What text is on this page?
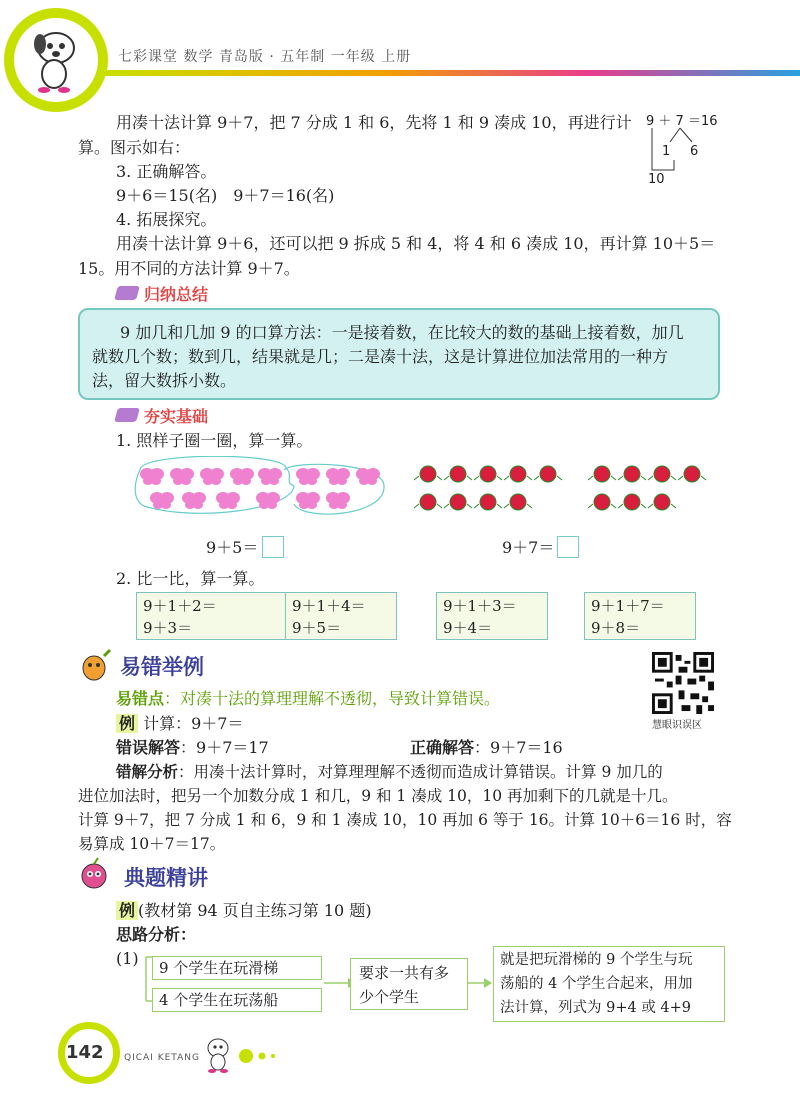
七彩课堂 数学 青岛版 · 五年制 一年级 上册
用凑十法计算 9＋7，把 7 分成 1 和 6，先将 1 和 9 凑成 10，再进行计
算。图示如右：
3. 正确解答。
9＋6＝15(名)　9＋7＝16(名)
4. 拓展探究。
用凑十法计算 9＋6，还可以把 9 拆成 5 和 4，将 4 和 6 凑成 10，再计算 10＋5＝
15。用不同的方法计算 9＋7。
9 ＋ 7 ＝16
1 6
10
归纳总结
9 加几和几加 9 的口算方法：一是接着数，在比较大的数的基础上接着数，加几
就数几个数；数到几，结果就是几；二是凑十法，这是计算进位加法常用的一种方
法，留大数拆小数。
夯实基础
1. 照样子圈一圈，算一算。
9＋5＝	9＋7＝
2. 比一比，算一算。
9＋1＋2＝
9＋3＝
9＋1＋4＝
9＋5＝
9＋1＋3＝
9＋4＝
9＋1＋7＝
9＋8＝
易错举例
易错点：对凑十法的算理理解不透彻，导致计算错误。
例 计算：9＋7＝
错误解答：9＋7＝17	正确解答：9＋7＝16
错解分析：用凑十法计算时，对算理理解不透彻而造成计算错误。计算 9 加几的
进位加法时，把另一个加数分成 1 和几，9 和 1 凑成 10，10 再加剩下的几就是十几。
计算 9＋7，把 7 分成 1 和 6，9 和 1 凑成 10，10 再加 6 等于 16。计算 10＋6＝16 时，容
易算成 10＋7＝17。
慧眼识误区
典题精讲
例 (教材第 94 页自主练习第 10 题)
思路分析：
(1) 9 个学生在玩滑梯
4 个学生在玩荡船
要求一共有多
少个学生
就是把玩滑梯的 9 个学生与玩
荡船的 4 个学生合起来，用加
法计算，列式为 9+4 或 4+9
142 QICAI KETANG
